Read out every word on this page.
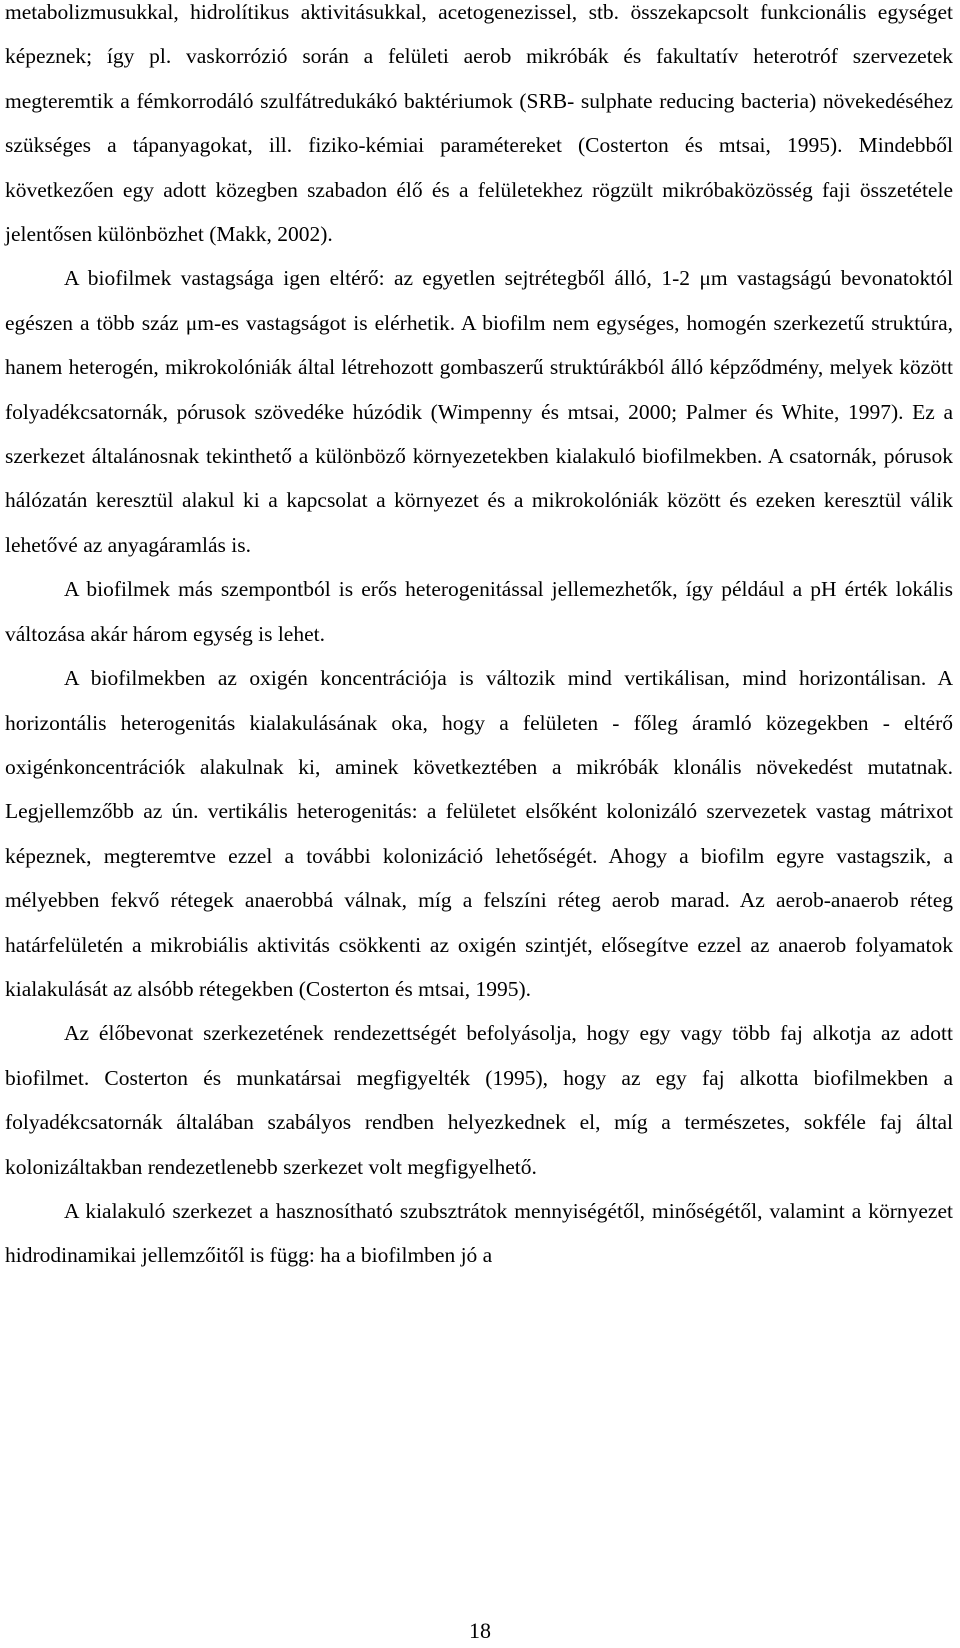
metabolizmusukkal, hidrolítikus aktivitásukkal, acetogenezissel, stb. összekapcsolt funkcionális egységet képeznek; így pl. vaskorrózió során a felületi aerob mikróbák és fakultatív heterotróf szervezetek megteremtik a fémkorrodáló szulfátredukákó baktériumok (SRB- sulphate reducing bacteria) növekedéséhez szükséges a tápanyagokat, ill. fiziko-kémiai paramétereket (Costerton és mtsai, 1995). Mindebből következően egy adott közegben szabadon élő és a felületekhez rögzült mikróbaközösség faji összetétele jelentősen különbözhet (Makk, 2002).

A biofilmek vastagsága igen eltérő: az egyetlen sejtrétegből álló, 1-2 μm vastagságú bevonatoktól egészen a több száz μm-es vastagságot is elérhetik. A biofilm nem egységes, homogén szerkezetű struktúra, hanem heterogén, mikrokolóniák által létrehozott gombaszerű struktúrákból álló képződmény, melyek között folyadékcsatornák, pórusok szövedéke húzódik (Wimpenny és mtsai, 2000; Palmer és White, 1997). Ez a szerkezet általánosnak tekinthető a különböző környezetekben kialakuló biofilmekben. A csatornák, pórusok hálózatán keresztül alakul ki a kapcsolat a környezet és a mikrokolóniák között és ezeken keresztül válik lehetővé az anyagáramlás is.

A biofilmek más szempontból is erős heterogenitással jellemezhetők, így például a pH érték lokális változása akár három egység is lehet.

A biofilmekben az oxigén koncentrációja is változik mind vertikálisan, mind horizontálisan. A horizontális heterogenitás kialakulásának oka, hogy a felületen - főleg áramló közegekben - eltérő oxigénkoncentrációk alakulnak ki, aminek következtében a mikróbák klonális növekedést mutatnak. Legjellemzőbb az ún. vertikális heterogenitás: a felületet elsőként kolonizáló szervezetek vastag mátrixot képeznek, megteremtve ezzel a további kolonizáció lehetőségét. Ahogy a biofilm egyre vastagszik, a mélyebben fekvő rétegek anaerobbá válnak, míg a felszíni réteg aerob marad. Az aerob-anaerob réteg határfelületén a mikrobiális aktivitás csökkenti az oxigén szintjét, elősegítve ezzel az anaerob folyamatok kialakulását az alsóbb rétegekben (Costerton és mtsai, 1995).

Az élőbevonat szerkezetének rendezettségét befolyásolja, hogy egy vagy több faj alkotja az adott biofilmet. Costerton és munkatársai megfigyelték (1995), hogy az egy faj alkotta biofilmekben a folyadékcsatornák általában szabályos rendben helyezkednek el, míg a természetes, sokféle faj által kolonizáltakban rendezetlenebb szerkezet volt megfigyelhető.

A kialakuló szerkezet a hasznosítható szubsztrátok mennyiségétől, minőségétől, valamint a környezet hidrodinamikai jellemzőitől is függ: ha a biofilmben jó a

18
